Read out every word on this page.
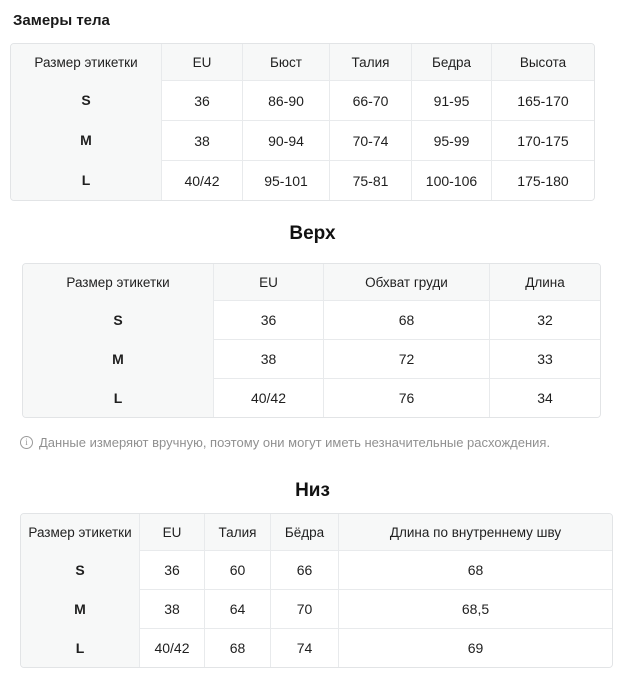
Замеры тела
Размер этикетки	EU	Бюст	Талия	Бедра	Высота
S	36	86-90	66-70	91-95	165-170
M	38	90-94	70-74	95-99	170-175
L	40/42	95-101	75-81	100-106	175-180
Верх
Размер этикетки	EU	Обхват груди	Длина
S	36	68	32
M	38	72	33
L	40/42	76	34
i
Данные измеряют вручную, поэтому они могут иметь незначительные расхождения.
Низ
Размер этикетки	EU	Талия	Бёдра	Длина по внутреннему шву
S	36	60	66	68
M	38	64	70	68,5
L	40/42	68	74	69
